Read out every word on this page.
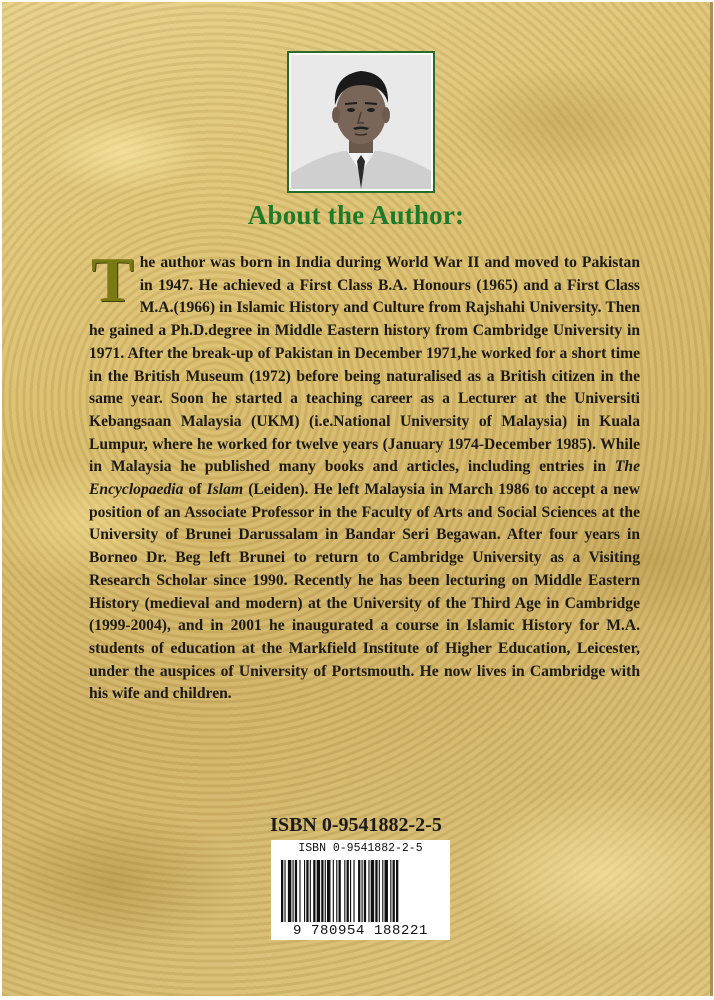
About the Author:

The author was born in India during World War II and moved to Pakistan in 1947. He achieved a First Class B.A. Honours (1965) and a First Class M.A.(1966) in Islamic History and Culture from Rajshahi University. Then he gained a Ph.D.degree in Middle Eastern history from Cambridge University in 1971. After the break-up of Pakistan in December 1971,he worked for a short time in the British Museum (1972) before being naturalised as a British citizen in the same year. Soon he started a teaching career as a Lecturer at the Universiti Kebangsaan Malaysia (UKM) (i.e.National University of Malaysia) in Kuala Lumpur, where he worked for twelve years (January 1974-December 1985). While in Malaysia he published many books and articles, including entries in The Encyclopaedia of Islam (Leiden). He left Malaysia in March 1986 to accept a new position of an Associate Professor in the Faculty of Arts and Social Sciences at the University of Brunei Darussalam in Bandar Seri Begawan. After four years in Borneo Dr. Beg left Brunei to return to Cambridge University as a Visiting Research Scholar since 1990. Recently he has been lecturing on Middle Eastern History (medieval and modern) at the University of the Third Age in Cambridge (1999-2004), and in 2001 he inaugurated a course in Islamic History for M.A. students of education at the Markfield Institute of Higher Education, Leicester, under the auspices of University of Portsmouth. He now lives in Cambridge with his wife and children.

ISBN 0-9541882-2-5
ISBN 0-9541882-2-5
9 780954 188221
